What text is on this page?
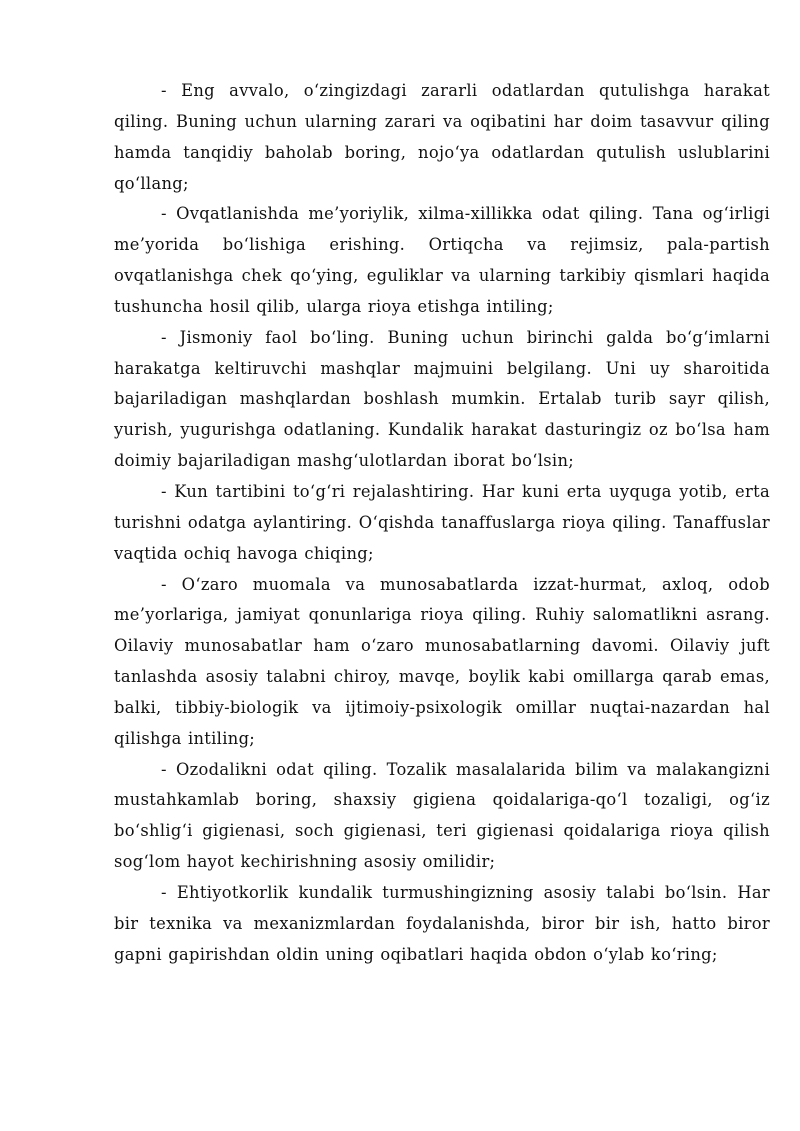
- Eng avvalo, o‘zingizdagi zararli odatlardan qutulishga harakat qiling. Buning uchun ularning zarari va oqibatini har doim tasavvur qiling hamda tanqidiy baholab boring, nojo‘ya odatlardan qutulish uslublarini qo‘llang;

- Ovqatlanishda me’yoriylik, xilma-xillikka odat qiling. Tana og‘irligi me’yorida bo‘lishiga erishing. Ortiqcha va rejimsiz, pala-partish ovqatlanishga chek qo‘ying, eguliklar va ularning tarkibiy qismlari haqida tushuncha hosil qilib, ularga rioya etishga intiling;

- Jismoniy faol bo‘ling. Buning uchun birinchi galda bo‘g‘imlarni harakatga keltiruvchi mashqlar majmuini belgilang. Uni uy sharoitida bajariladigan mashqlardan boshlash mumkin. Ertalab turib sayr qilish, yurish, yugurishga odatlaning. Kundalik harakat dasturingiz oz bo‘lsa ham doimiy bajariladigan mashg‘ulotlardan iborat bo‘lsin;

- Kun tartibini to‘g‘ri rejalashtiring. Har kuni erta uyquga yotib, erta turishni odatga aylantiring. O‘qishda tanaffuslarga rioya qiling. Tanaffuslar vaqtida ochiq havoga chiqing;

- O‘zaro muomala va munosabatlarda izzat-hurmat, axloq, odob me’yorlariga, jamiyat qonunlariga rioya qiling. Ruhiy salomatlikni asrang. Oilaviy munosabatlar ham o‘zaro munosabatlarning davomi. Oilaviy juft tanlashda asosiy talabni chiroy, mavqe, boylik kabi omillarga qarab emas, balki, tibbiy-biologik va ijtimoiy-psixologik omillar nuqtai-nazardan hal qilishga intiling;

- Ozodalikni odat qiling. Tozalik masalalarida bilim va malakangizni mustahkamlab boring, shaxsiy gigiena qoidalariga-qo‘l tozaligi, og‘iz bo‘shlig‘i gigienasi, soch gigienasi, teri gigienasi qoidalariga rioya qilish sog‘lom hayot kechirishning asosiy omilidir;

- Ehtiyotkorlik kundalik turmushingizning asosiy talabi bo‘lsin. Har bir texnika va mexanizmlardan foydalanishda, biror bir ish, hatto biror gapni gapirishdan oldin uning oqibatlari haqida obdon o‘ylab ko‘ring;
